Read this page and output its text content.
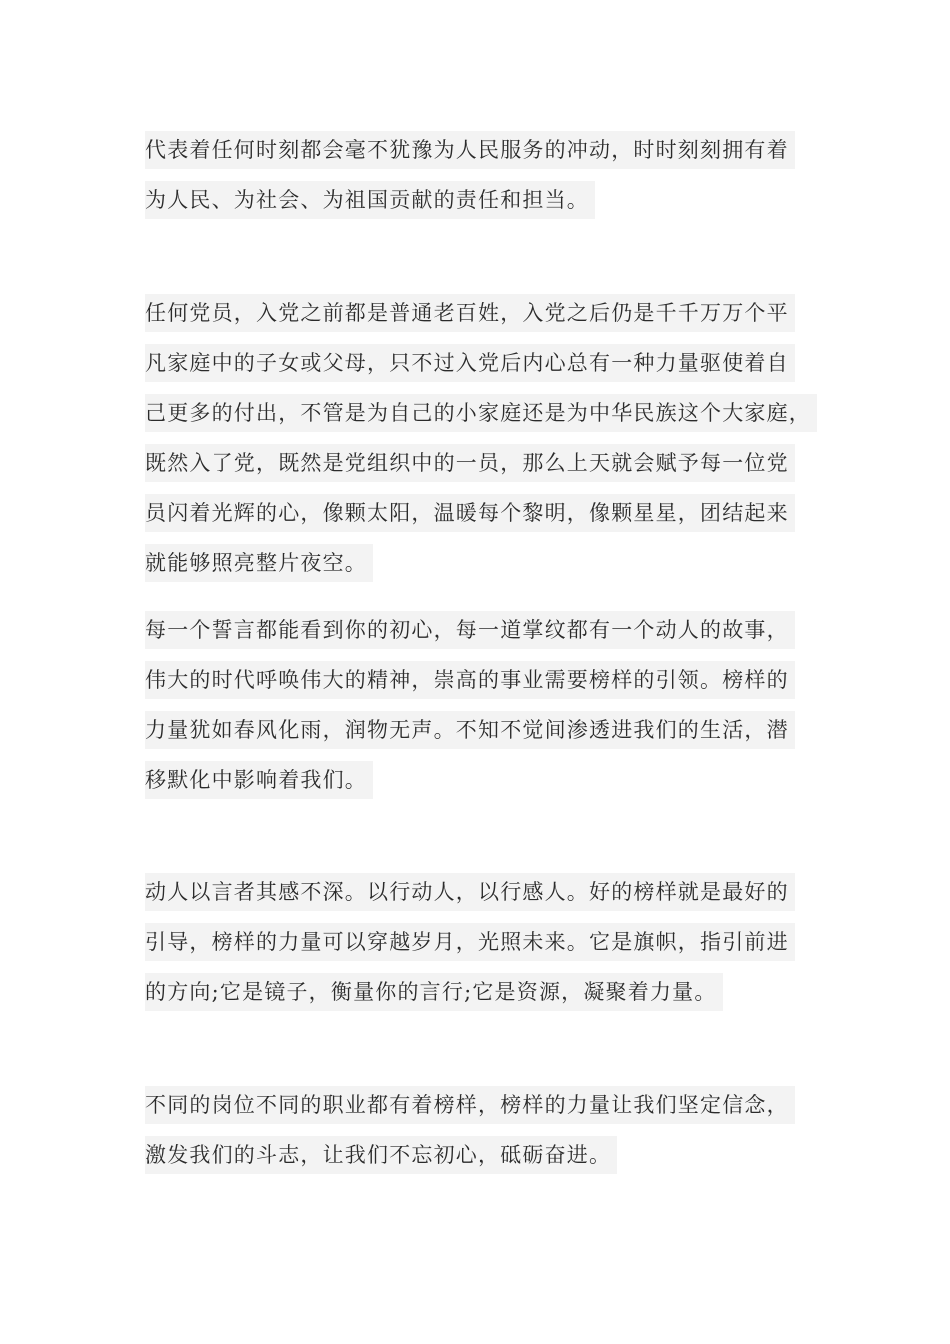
代表着任何时刻都会毫不犹豫为人民服务的冲动，时时刻刻拥有着
为人民、为社会、为祖国贡献的责任和担当。
任何党员，入党之前都是普通老百姓，入党之后仍是千千万万个平
凡家庭中的子女或父母，只不过入党后内心总有一种力量驱使着自
己更多的付出，不管是为自己的小家庭还是为中华民族这个大家庭，
既然入了党，既然是党组织中的一员，那么上天就会赋予每一位党
员闪着光辉的心，像颗太阳，温暖每个黎明，像颗星星，团结起来
就能够照亮整片夜空。
每一个誓言都能看到你的初心，每一道掌纹都有一个动人的故事，
伟大的时代呼唤伟大的精神，崇高的事业需要榜样的引领。榜样的
力量犹如春风化雨，润物无声。不知不觉间渗透进我们的生活，潜
移默化中影响着我们。
动人以言者其感不深。以行动人，以行感人。好的榜样就是最好的
引导，榜样的力量可以穿越岁月，光照未来。它是旗帜，指引前进
的方向;它是镜子，衡量你的言行;它是资源，凝聚着力量。
不同的岗位不同的职业都有着榜样，榜样的力量让我们坚定信念，
激发我们的斗志，让我们不忘初心，砥砺奋进。
